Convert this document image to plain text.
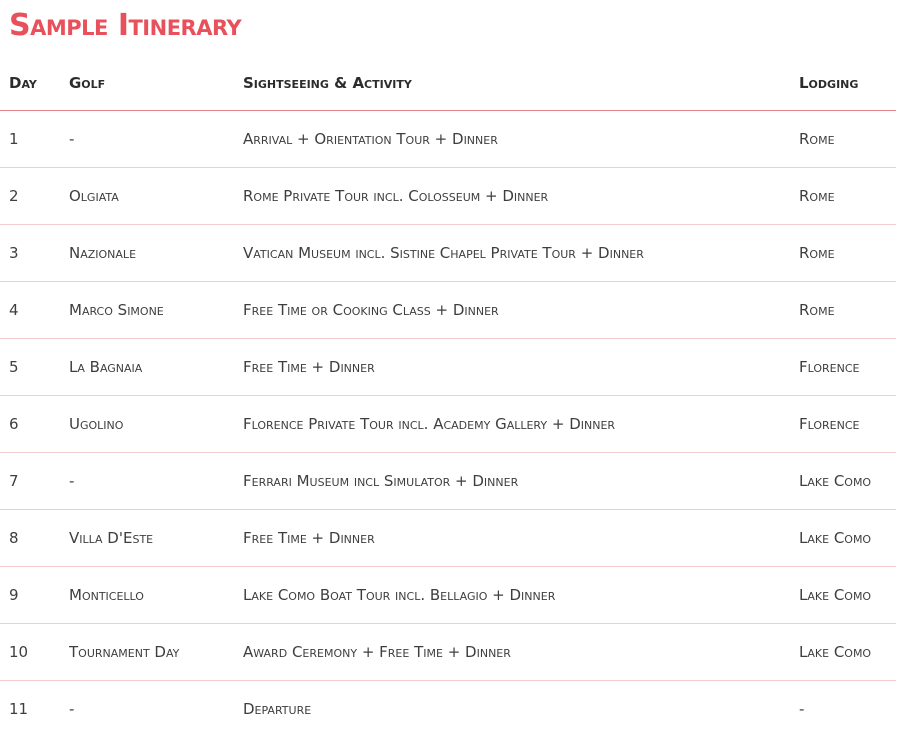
Sample Itinerary
Day	Golf	Sightseeing & Activity	Lodging
1	-	Arrival + Orientation Tour + Dinner	Rome
2	Olgiata	Rome Private Tour incl. Colosseum + Dinner	Rome
3	Nazionale	Vatican Museum incl. Sistine Chapel Private Tour + Dinner	Rome
4	Marco Simone	Free Time or Cooking Class + Dinner	Rome
5	La Bagnaia	Free Time + Dinner	Florence
6	Ugolino	Florence Private Tour incl. Academy Gallery + Dinner	Florence
7	-	Ferrari Museum incl Simulator + Dinner	Lake Como
8	Villa D'Este	Free Time + Dinner	Lake Como
9	Monticello	Lake Como Boat Tour incl. Bellagio + Dinner	Lake Como
10	Tournament Day	Award Ceremony + Free Time + Dinner	Lake Como
11	-	Departure	-
